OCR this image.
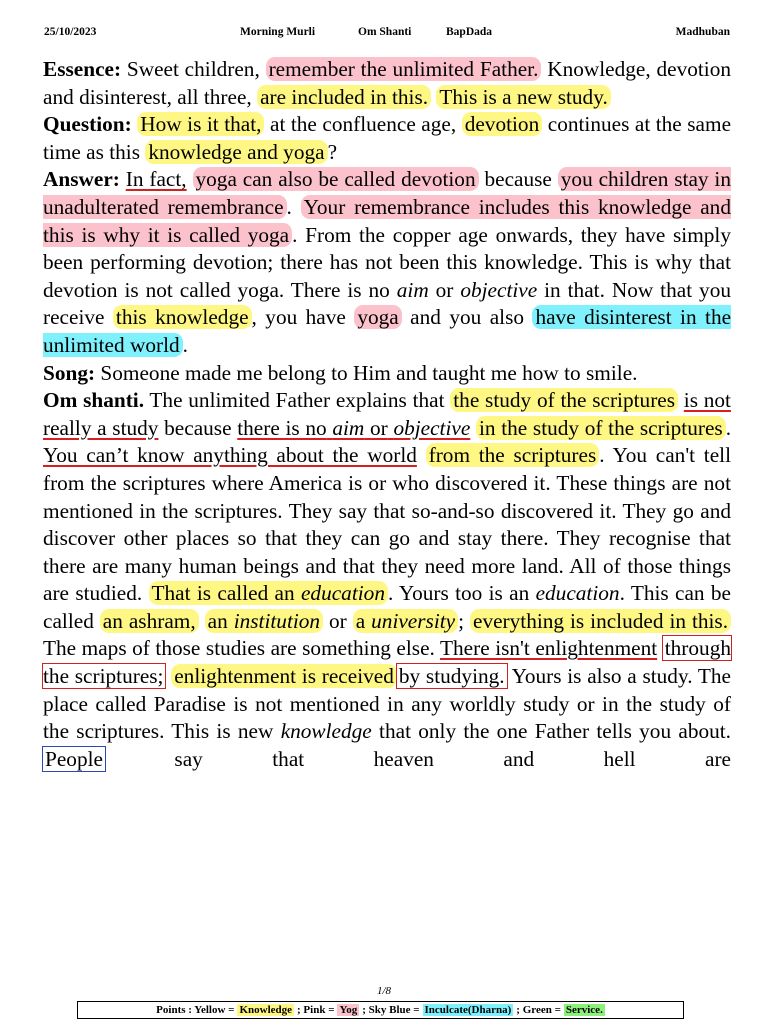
25/10/2023	Morning Murli	Om Shanti	BapDada	Madhuban

Essence: Sweet children, remember the unlimited Father. Knowledge, devotion and disinterest, all three, are included in this. This is a new study.

Question: How is it that, at the confluence age, devotion continues at the same time as this knowledge and yoga ?

Answer: In fact, yoga can also be called devotion because you children stay in unadulterated remembrance . Your remembrance includes this knowledge and this is why it is called yoga . From the copper age onwards, they have simply been performing devotion; there has not been this knowledge. This is why that devotion is not called yoga. There is no aim or objective in that. Now that you receive this knowledge , you have yoga and you also have disinterest in the unlimited world .

Song: Someone made me belong to Him and taught me how to smile.

Om shanti. The unlimited Father explains that the study of the scriptures is not really a study because there is no aim or objective in the study of the scriptures . You can’t know anything about the world from the scriptures . You can't tell from the scriptures where America is or who discovered it. These things are not mentioned in the scriptures. They say that so-and-so discovered it. They go and discover other places so that they can go and stay there. They recognise that there are many human beings and that they need more land. All of those things are studied. That is called an education . Yours too is an education. This can be called an ashram, an institution or a university ; everything is included in this. The maps of those studies are something else. There isn't enlightenment through the scriptures; enlightenment is received by studying. Yours is also a study. The place called Paradise is not mentioned in any worldly study or in the study of the scriptures. This is new knowledge that only the one Father tells you about. People	say that heaven and hell are

1/8
Points : Yellow = Knowledge ; Pink = Yog ; Sky Blue = Inculcate(Dharna) ; Green = Service.
